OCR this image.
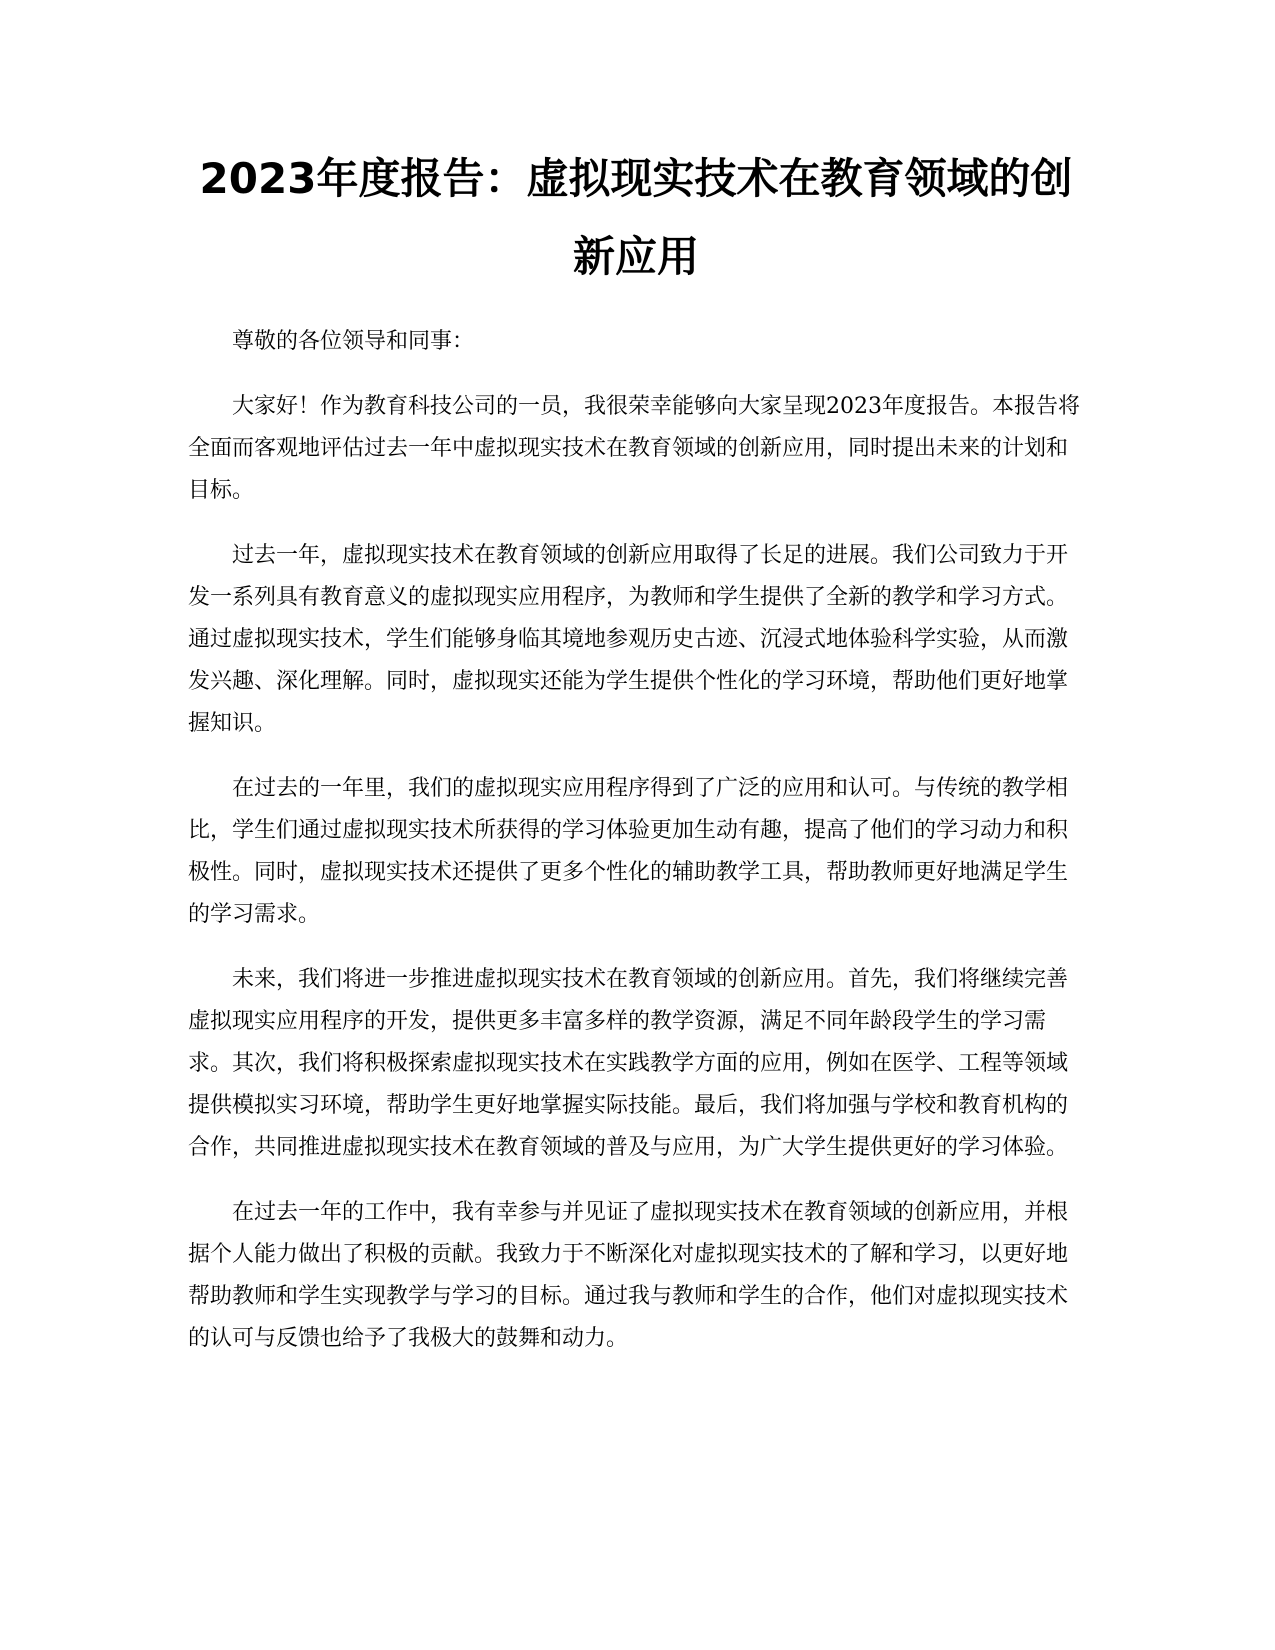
2023年度报告：虚拟现实技术在教育领域的创新应用

尊敬的各位领导和同事：

大家好！作为教育科技公司的一员，我很荣幸能够向大家呈现2023年度报告。本报告将全面而客观地评估过去一年中虚拟现实技术在教育领域的创新应用，同时提出未来的计划和目标。

过去一年，虚拟现实技术在教育领域的创新应用取得了长足的进展。我们公司致力于开发一系列具有教育意义的虚拟现实应用程序，为教师和学生提供了全新的教学和学习方式。通过虚拟现实技术，学生们能够身临其境地参观历史古迹、沉浸式地体验科学实验，从而激发兴趣、深化理解。同时，虚拟现实还能为学生提供个性化的学习环境，帮助他们更好地掌握知识。

在过去的一年里，我们的虚拟现实应用程序得到了广泛的应用和认可。与传统的教学相比，学生们通过虚拟现实技术所获得的学习体验更加生动有趣，提高了他们的学习动力和积极性。同时，虚拟现实技术还提供了更多个性化的辅助教学工具，帮助教师更好地满足学生的学习需求。

未来，我们将进一步推进虚拟现实技术在教育领域的创新应用。首先，我们将继续完善虚拟现实应用程序的开发，提供更多丰富多样的教学资源，满足不同年龄段学生的学习需求。其次，我们将积极探索虚拟现实技术在实践教学方面的应用，例如在医学、工程等领域提供模拟实习环境，帮助学生更好地掌握实际技能。最后，我们将加强与学校和教育机构的合作，共同推进虚拟现实技术在教育领域的普及与应用，为广大学生提供更好的学习体验。

在过去一年的工作中，我有幸参与并见证了虚拟现实技术在教育领域的创新应用，并根据个人能力做出了积极的贡献。我致力于不断深化对虚拟现实技术的了解和学习，以更好地帮助教师和学生实现教学与学习的目标。通过我与教师和学生的合作，他们对虚拟现实技术的认可与反馈也给予了我极大的鼓舞和动力。
